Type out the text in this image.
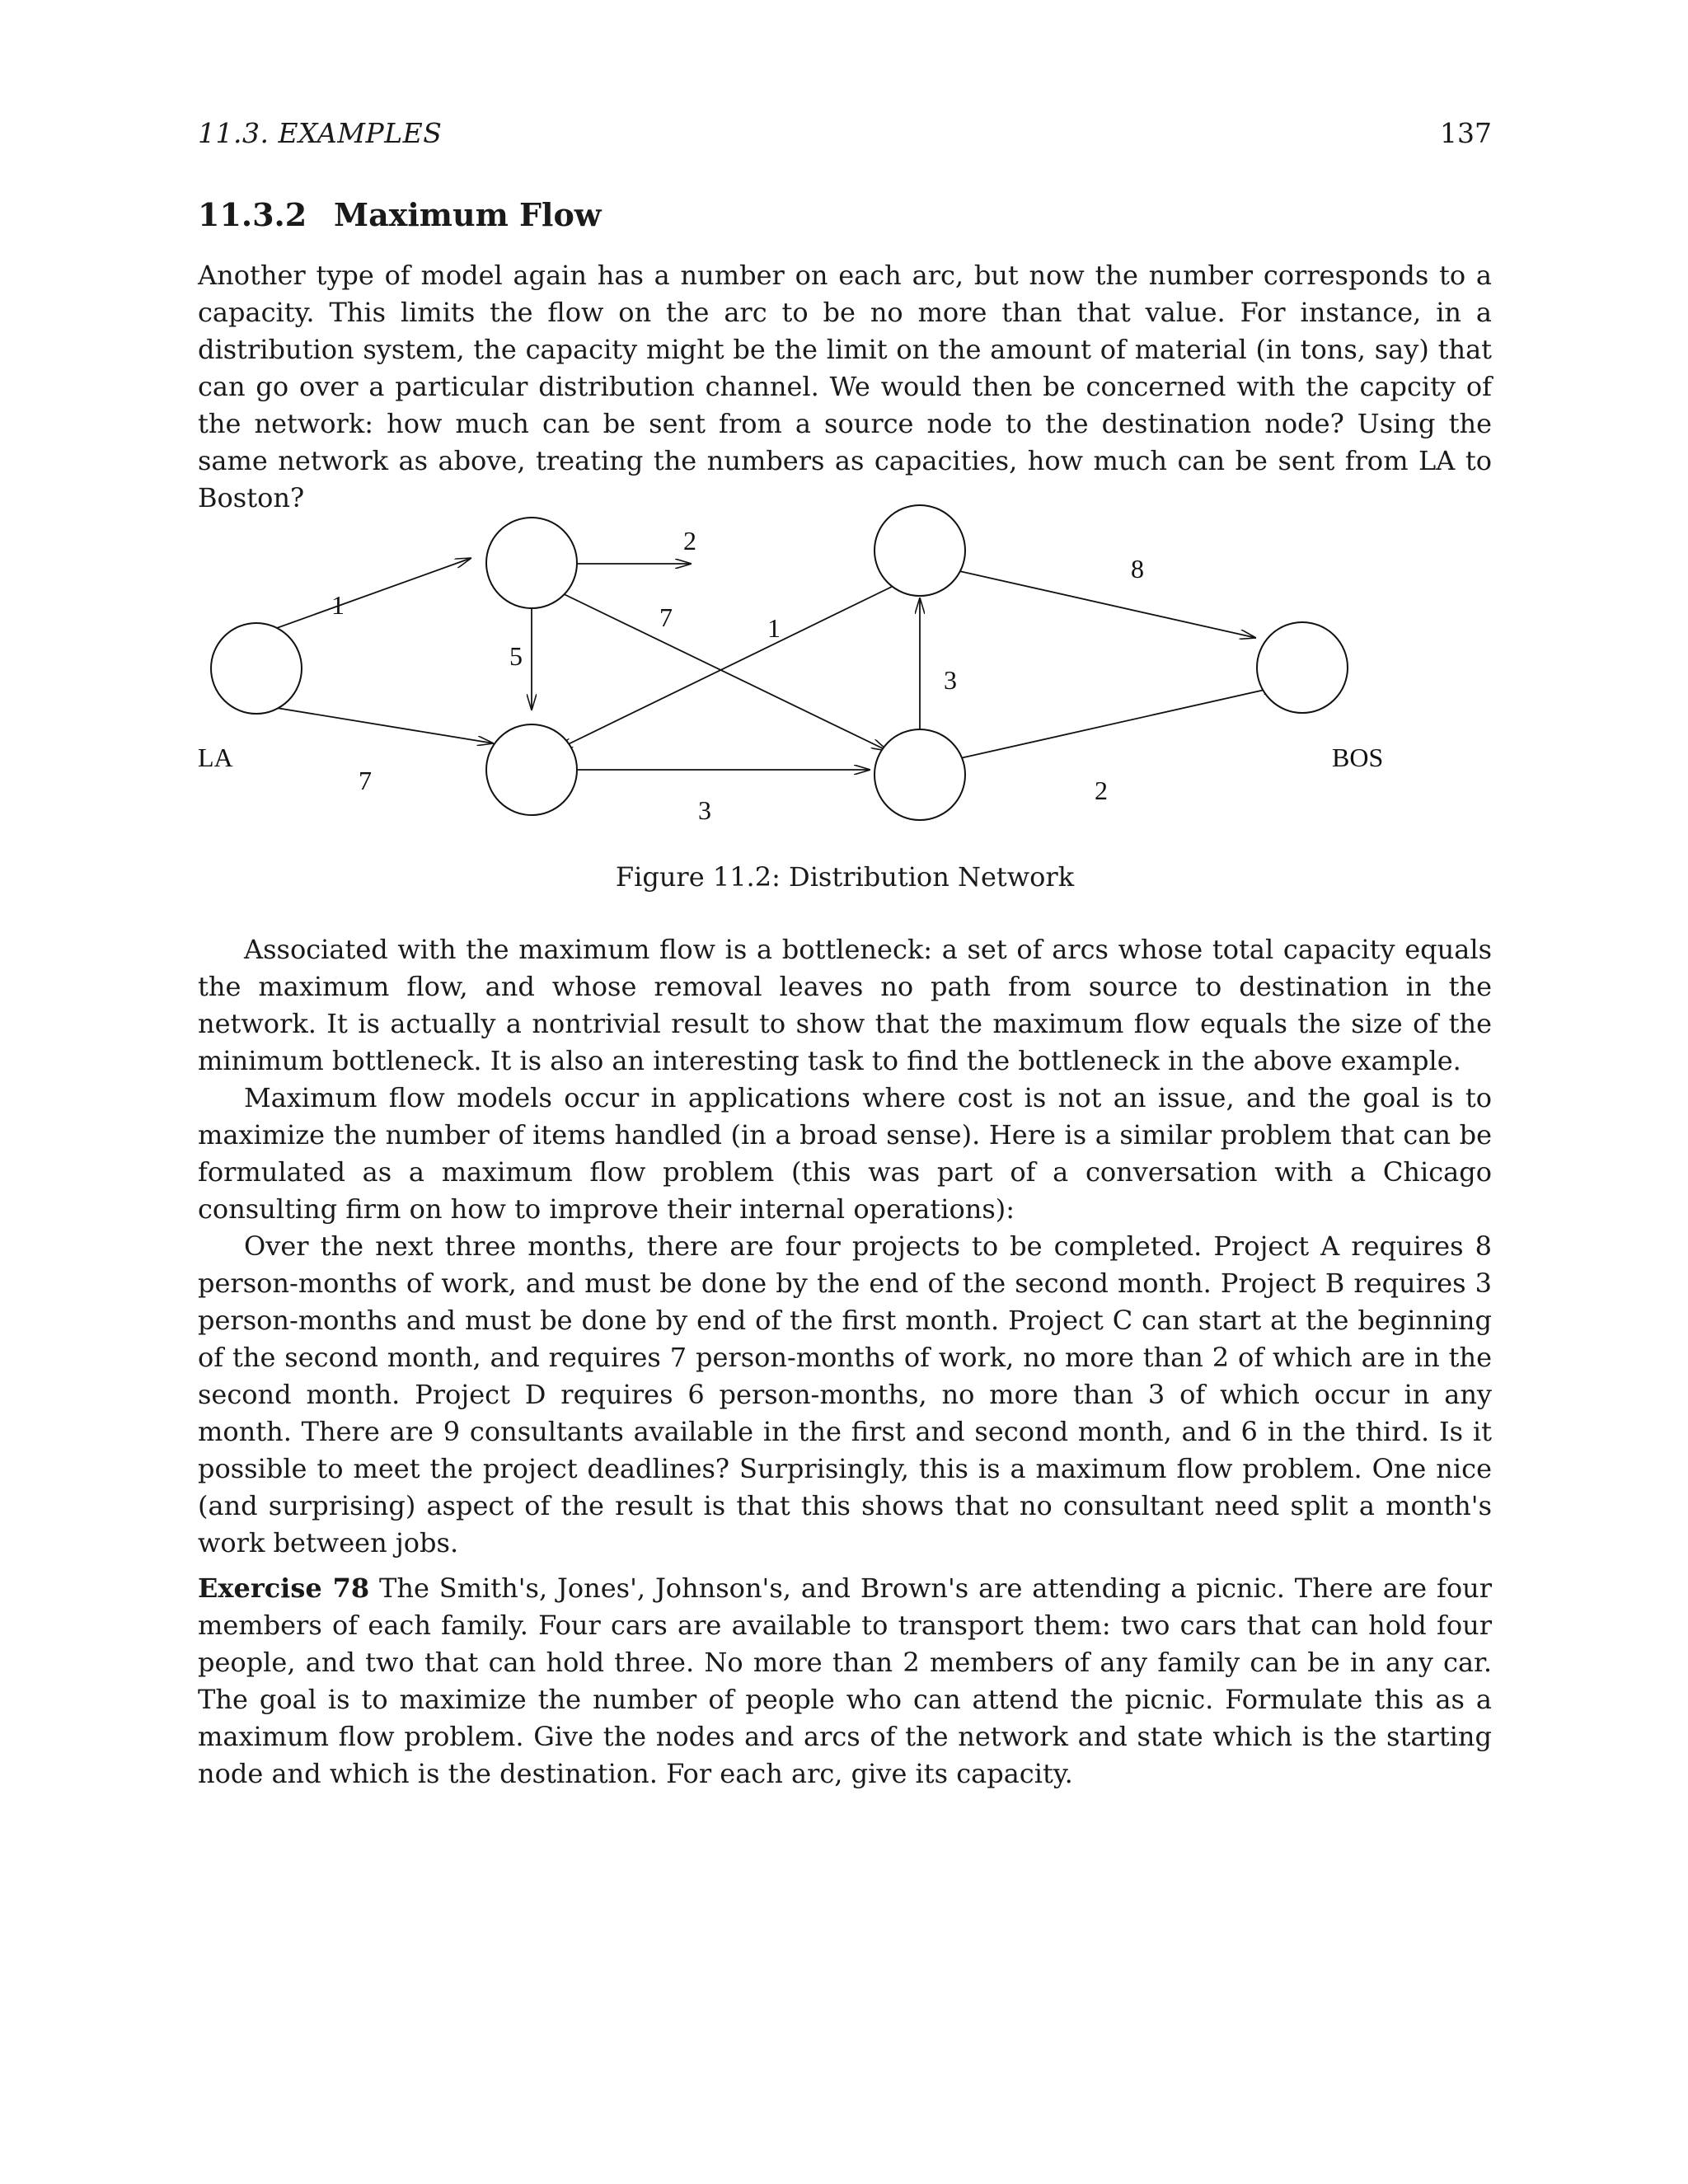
11.3. EXAMPLES	137
11.3.2 Maximum Flow

Another type of model again has a number on each arc, but now the number corresponds to a capacity. This limits the flow on the arc to be no more than that value. For instance, in a distribution system, the capacity might be the limit on the amount of material (in tons, say) that can go over a particular distribution channel. We would then be concerned with the capcity of the network: how much can be sent from a source node to the destination node? Using the same network as above, treating the numbers as capacities, how much can be sent from LA to Boston?

LA	BOS
1
7
2
5
7	1
3
8
3
2
Figure 11.2: Distribution Network

Associated with the maximum flow is a bottleneck: a set of arcs whose total capacity equals the maximum flow, and whose removal leaves no path from source to destination in the network. It is actually a nontrivial result to show that the maximum flow equals the size of the minimum bottleneck. It is also an interesting task to find the bottleneck in the above example.

Maximum flow models occur in applications where cost is not an issue, and the goal is to maximize the number of items handled (in a broad sense). Here is a similar problem that can be formulated as a maximum flow problem (this was part of a conversation with a Chicago consulting firm on how to improve their internal operations):

Over the next three months, there are four projects to be completed. Project A requires 8 person-months of work, and must be done by the end of the second month. Project B requires 3 person-months and must be done by end of the first month. Project C can start at the beginning of the second month, and requires 7 person-months of work, no more than 2 of which are in the second month. Project D requires 6 person-months, no more than 3 of which occur in any month. There are 9 consultants available in the first and second month, and 6 in the third. Is it possible to meet the project deadlines? Surprisingly, this is a maximum flow problem. One nice (and surprising) aspect of the result is that this shows that no consultant need split a month's work between jobs.

Exercise 78 The Smith's, Jones', Johnson's, and Brown's are attending a picnic. There are four members of each family. Four cars are available to transport them: two cars that can hold four people, and two that can hold three. No more than 2 members of any family can be in any car. The goal is to maximize the number of people who can attend the picnic. Formulate this as a maximum flow problem. Give the nodes and arcs of the network and state which is the starting node and which is the destination. For each arc, give its capacity.
